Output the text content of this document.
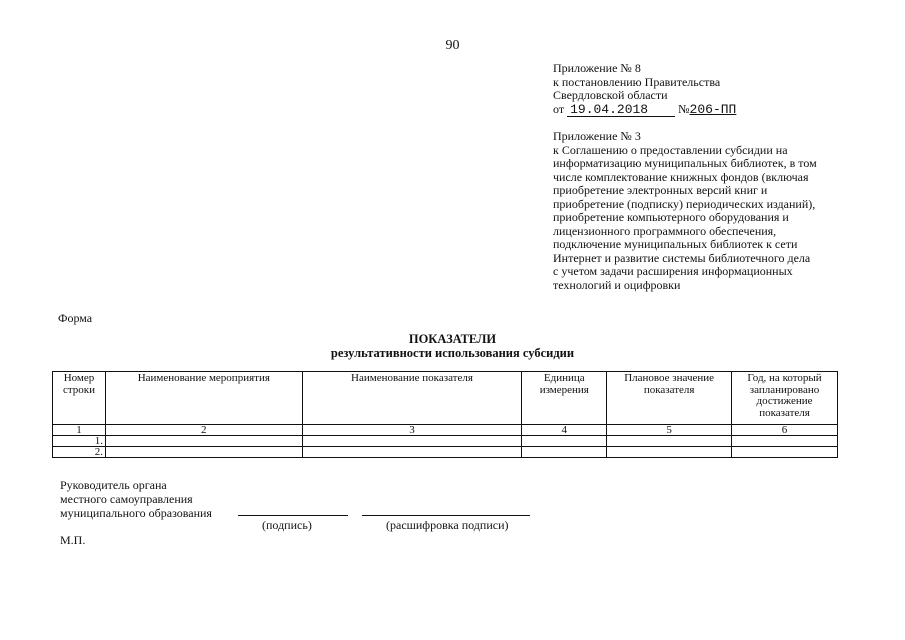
90
Приложение № 8
к постановлению Правительства
Свердловской области
от 19.04.2018 №206-ПП
Приложение № 3
к Соглашению о предоставлении субсидии на
информатизацию муниципальных библиотек, в том
числе комплектование книжных фондов (включая
приобретение электронных версий книг и
приобретение (подписку) периодических изданий),
приобретение компьютерного оборудования и
лицензионного программного обеспечения,
подключение муниципальных библиотек к сети
Интернет и развитие системы библиотечного дела
с учетом задачи расширения информационных
технологий и оцифровки
Форма
ПОКАЗАТЕЛИ
результативности использования субсидии
Номер строки	Наименование мероприятия	Наименование показателя	Единица измерения	Плановое значение показателя	Год, на который запланировано достижение показателя
1	2	3	4	5	6
1.					
2.					
Руководитель органа
местного самоуправления
муниципального образования
(подпись)	(расшифровка подписи)
М.П.
